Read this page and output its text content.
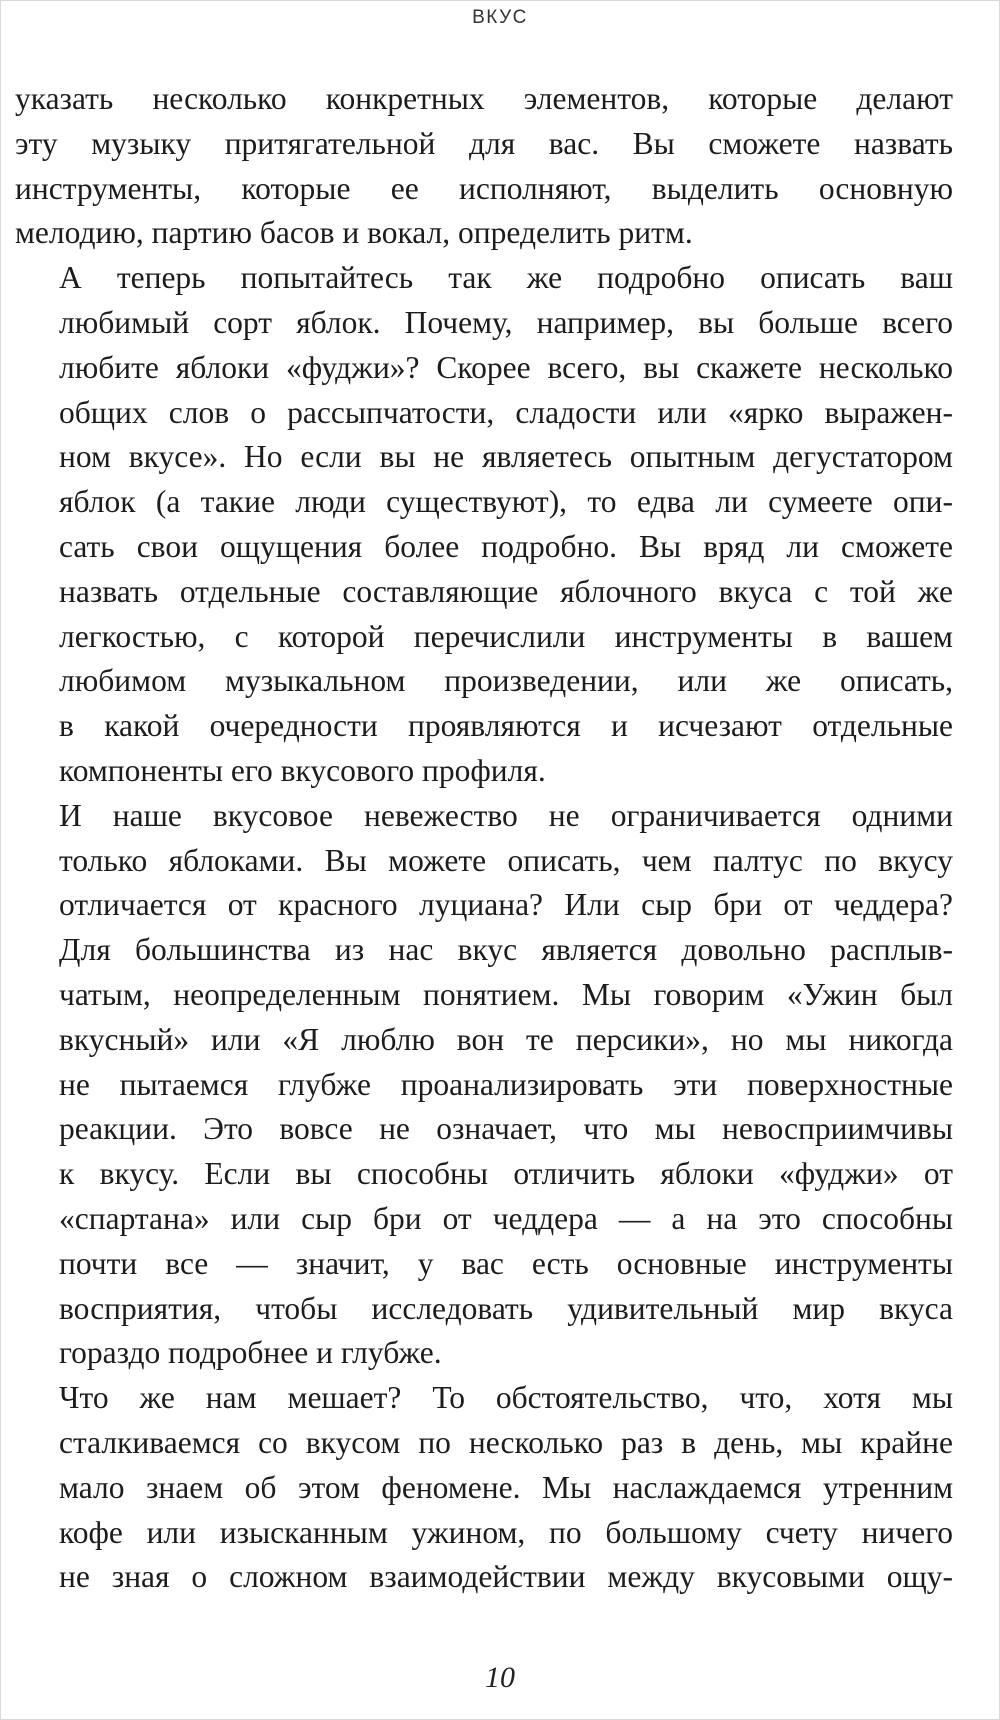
ВКУС

указать несколько конкретных элементов, которые делают
эту музыку притягательной для вас. Вы сможете назвать
инструменты, которые ее исполняют, выделить основную
мелодию, партию басов и вокал, определить ритм.

А теперь попытайтесь так же подробно описать ваш
любимый сорт яблок. Почему, например, вы больше всего
любите яблоки «фуджи»? Скорее всего, вы скажете несколько
общих слов о рассыпчатости, сладости или «ярко выражен-
ном вкусе». Но если вы не являетесь опытным дегустатором
яблок (а такие люди существуют), то едва ли сумеете опи-
сать свои ощущения более подробно. Вы вряд ли сможете
назвать отдельные составляющие яблочного вкуса с той же
легкостью, с которой перечислили инструменты в вашем
любимом музыкальном произведении, или же описать,
в какой очередности проявляются и исчезают отдельные
компоненты его вкусового профиля.

И наше вкусовое невежество не ограничивается одними
только яблоками. Вы можете описать, чем палтус по вкусу
отличается от красного луциана? Или сыр бри от чеддера?
Для большинства из нас вкус является довольно расплыв-
чатым, неопределенным понятием. Мы говорим «Ужин был
вкусный» или «Я люблю вон те персики», но мы никогда
не пытаемся глубже проанализировать эти поверхностные
реакции. Это вовсе не означает, что мы невосприимчивы
к вкусу. Если вы способны отличить яблоки «фуджи» от
«спартана» или сыр бри от чеддера — а на это способны
почти все — значит, у вас есть основные инструменты
восприятия, чтобы исследовать удивительный мир вкуса
гораздо подробнее и глубже.

Что же нам мешает? То обстоятельство, что, хотя мы
сталкиваемся со вкусом по несколько раз в день, мы крайне
мало знаем об этом феномене. Мы наслаждаемся утренним
кофе или изысканным ужином, по большому счету ничего
не зная о сложном взаимодействии между вкусовыми ощу-

10
